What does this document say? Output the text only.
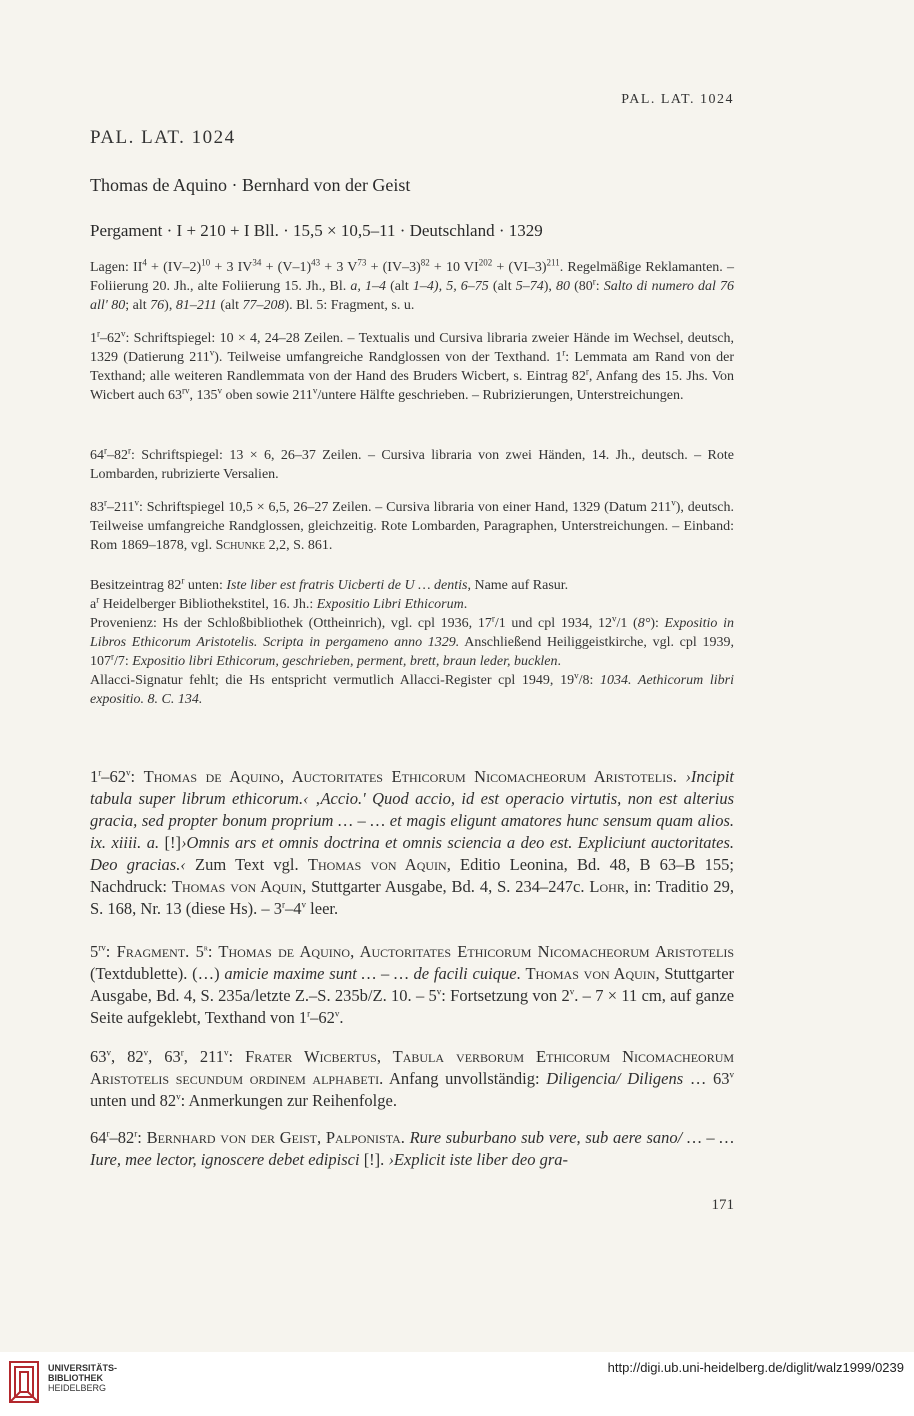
PAL. LAT. 1024
PAL. LAT. 1024
Thomas de Aquino · Bernhard von der Geist
Pergament · I + 210 + I Bll. · 15,5 × 10,5–11 · Deutschland · 1329

Lagen: $II^4 + (IV-2)^{10} + 3$ $IV^{34} + (V-1)^{43} + 3$ $V^{73} + (IV-3)^{82} + 10$ $VI^{202} + (VI-3)^{211}$. Regelmäßige Reklamanten. – Foliierung 20. Jh., alte Foliierung 15. Jh., Bl. a, 1–4 (alt 1–4), 5, 6–75 (alt 5–74), 80 (80$^r$: Salto di numero dal 76 all' 80; alt 76), 81–211 (alt 77–208). Bl. 5: Fragment, s. u.

1$^r$–62$^v$: Schriftspiegel: 10 × 4, 24–28 Zeilen. – Textualis und Cursiva libraria zweier Hände im Wechsel, deutsch, 1329 (Datierung 211$^v$). Teilweise umfangreiche Randglossen von der Texthand. 1$^r$: Lemmata am Rand von der Texthand; alle weiteren Randlemmata von der Hand des Bruders Wicbert, s. Eintrag 82$^r$, Anfang des 15. Jhs. Von Wicbert auch $63^{rv}$, 135$^v$ oben sowie 211$^v$/untere Hälfte geschrieben. – Rubrizierungen, Unterstreichungen.

64$^r$–82$^r$: Schriftspiegel: 13 × 6, 26–37 Zeilen. – Cursiva libraria von zwei Händen, 14. Jh., deutsch. – Rote Lombarden, rubrizierte Versalien.

83$^r$–211$^v$: Schriftspiegel 10,5 × 6,5, 26–27 Zeilen. – Cursiva libraria von einer Hand, 1329 (Datum 211$^v$), deutsch. Teilweise umfangreiche Randglossen, gleichzeitig. Rote Lombarden, Paragraphen, Unterstreichungen. – Einband: Rom 1869–1878, vgl. Schunke 2,2, S. 861.

Besitzeintrag 82$^r$ unten: Iste liber est fratris Uicberti de U … dentis, Name auf Rasur.

$a^r$ Heidelberger Bibliothekstitel, 16. Jh.: Expositio Libri Ethicorum.

Provenienz: Hs der Schloßbibliothek (Ottheinrich), vgl. cpl 1936, 17$^r$/1 und cpl 1934, 12$^v$/1 (8°): Expositio in Libros Ethicorum Aristotelis. Scripta in pergameno anno 1329. Anschließend Heiliggeistkirche, vgl. cpl 1939, 107$^r$/7: Expositio libri Ethicorum, geschrieben, perment, brett, braun leder, bucklen.

Allacci-Signatur fehlt; die Hs entspricht vermutlich Allacci-Register cpl 1949, 19$^v$/8: 1034. Aethicorum libri expositio. 8. C. 134.

1$^r$–62$^v$: Thomas de Aquino, Auctoritates Ethicorum Nicomacheorum Aristotelis. ›Incipit tabula super librum ethicorum.‹ ‚Accio.' Quod accio, id est operacio virtutis, non est alterius gracia, sed propter bonum proprium … – … et magis eligunt amatores hunc sensum quam alios. ix. xiiii. a. [!]›Omnis ars et omnis doctrina et omnis sciencia a deo est. Expliciunt auctoritates. Deo gracias.‹ Zum Text vgl. Thomas von Aquin, Editio Leonina, Bd. 48, B 63–B 155; Nachdruck: Thomas von Aquin, Stuttgarter Ausgabe, Bd. 4, S. 234–247c. Lohr, in: Traditio 29, S. 168, Nr. 13 (diese Hs). – 3$^r$–4$^v$ leer.

$5^{rv}$: Fragment. 5$^r$: Thomas de Aquino, Auctoritates Ethicorum Nicomacheorum Aristotelis (Textdublette). (…) amicie maxime sunt … – … de facili cuique. Thomas von Aquin, Stuttgarter Ausgabe, Bd. 4, S. 235a/letzte Z.–S. 235b/Z. 10. – 5$^v$: Fortsetzung von 2$^v$. – 7 × 11 cm, auf ganze Seite aufgeklebt, Texthand von 1$^r$–62$^v$.

63$^v$, 82$^v$, 63$^r$, 211$^v$: Frater Wicbertus, Tabula verborum Ethicorum Nicomacheorum Aristotelis secundum ordinem alphabeti. Anfang unvollständig: Diligencia/ Diligens … 63$^v$ unten und 82$^v$: Anmerkungen zur Reihenfolge.

64$^r$–82$^r$: Bernhard von der Geist, Palponista. Rure suburbano sub vere, sub aere sano/ … – … Iure, mee lector, ignoscere debet edipisci [!]. ›Explicit iste liber deo gra-

171
UNIVERSITÄTS-
BIBLIOTHEK
HEIDELBERG
http://digi.ub.uni-heidelberg.de/diglit/walz1999/0239
